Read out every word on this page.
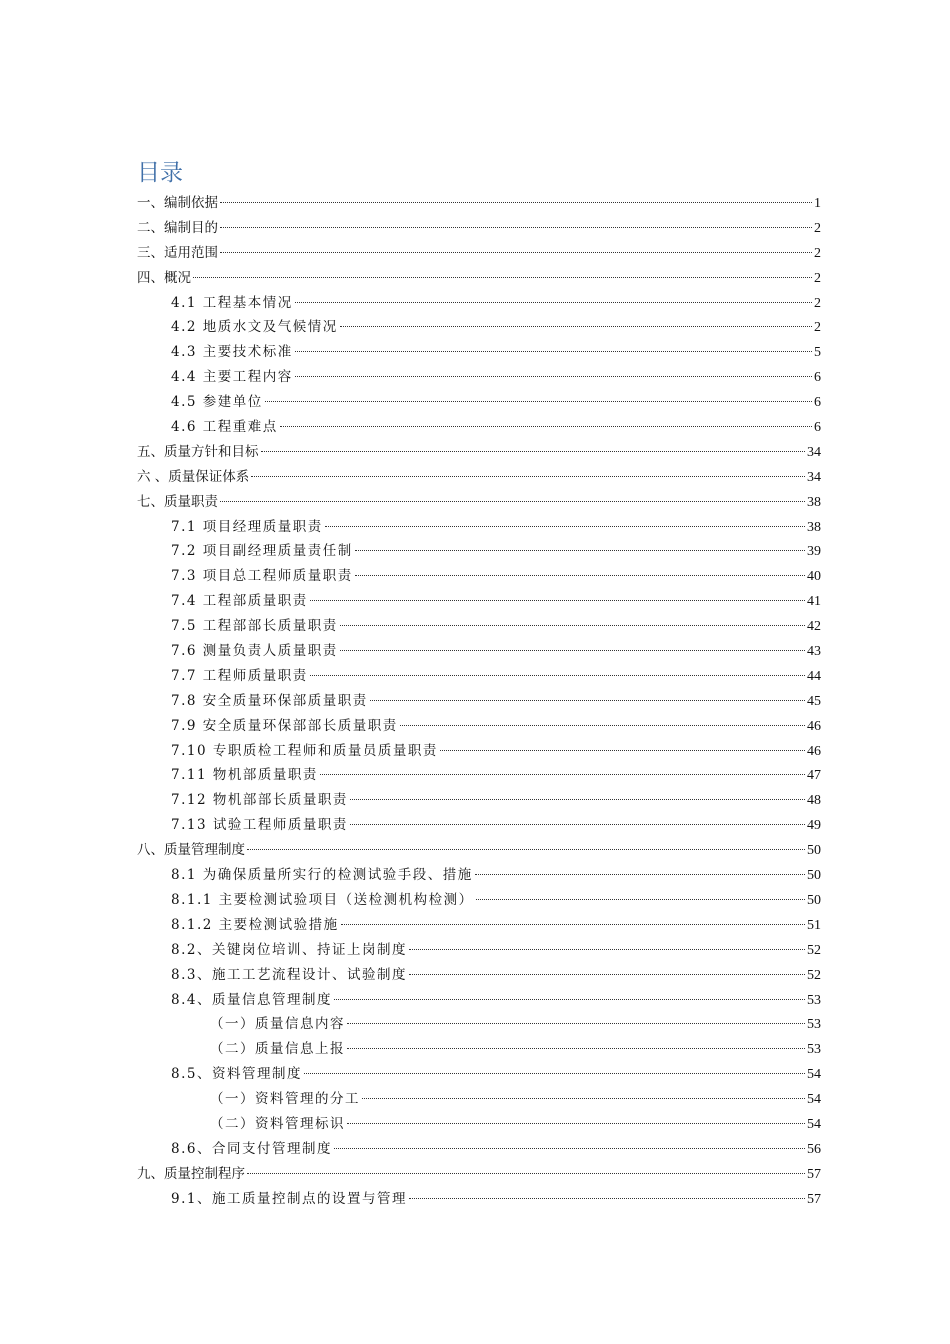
目录
一、编制依据	1
二、编制目的	2
三、适用范围	2
四、概况	2
4.1 工程基本情况	2
4.2 地质水文及气候情况	2
4.3 主要技术标准	5
4.4 主要工程内容	6
4.5 参建单位	6
4.6 工程重难点	6
五、质量方针和目标	34
六 、质量保证体系	34
七、质量职责	38
7.1 项目经理质量职责	38
7.2 项目副经理质量责任制	39
7.3 项目总工程师质量职责	40
7.4 工程部质量职责	41
7.5 工程部部长质量职责	42
7.6 测量负责人质量职责	43
7.7 工程师质量职责	44
7.8 安全质量环保部质量职责	45
7.9 安全质量环保部部长质量职责	46
7.10 专职质检工程师和质量员质量职责	46
7.11 物机部质量职责	47
7.12 物机部部长质量职责	48
7.13 试验工程师质量职责	49
八、质量管理制度	50
8.1 为确保质量所实行的检测试验手段、措施	50
8.1.1 主要检测试验项目（送检测机构检测）	50
8.1.2 主要检测试验措施	51
8.2、关键岗位培训、持证上岗制度	52
8.3、施工工艺流程设计、试验制度	52
8.4、质量信息管理制度	53
（一）质量信息内容	53
（二）质量信息上报	53
8.5、资料管理制度	54
（一）资料管理的分工	54
（二）资料管理标识	54
8.6、合同支付管理制度	56
九、质量控制程序	57
9.1、施工质量控制点的设置与管理	57
